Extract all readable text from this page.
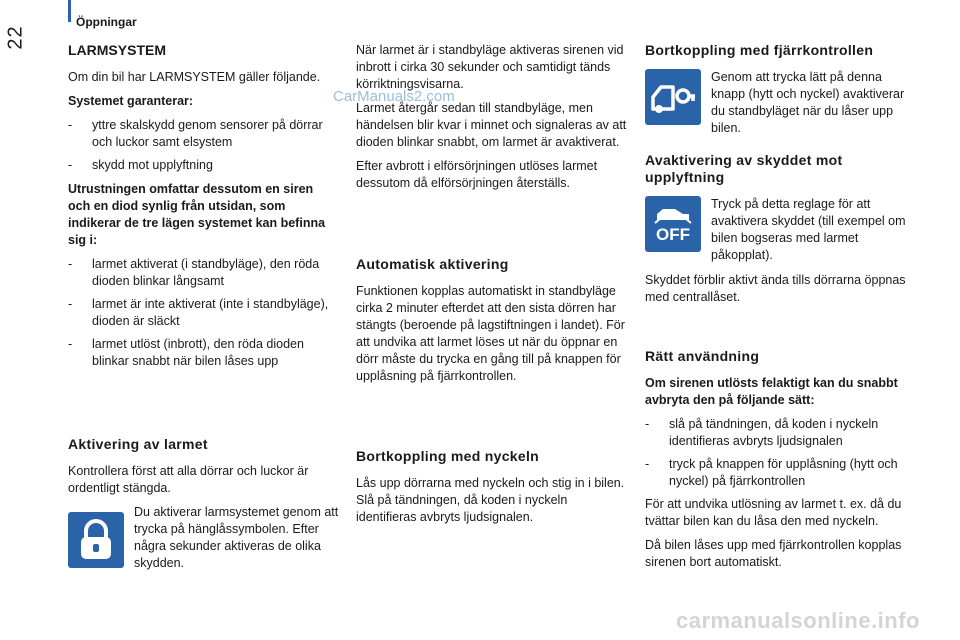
22
Öppningar
CarManuals2.com
LARMSYSTEM

Om din bil har LARMSYSTEM gäller följande.

Systemet garanterar:

- yttre skalskydd genom sensorer på dörrar och luckor samt elsystem
- skydd mot upplyftning

Utrustningen omfattar dessutom en siren och en diod synlig från utsidan, som indikerar de tre lägen systemet kan befinna sig i:

- larmet aktiverat (i standbyläge), den röda dioden blinkar långsamt
- larmet är inte aktiverat (inte i standbyläge), dioden är släckt
- larmet utlöst (inbrott), den röda dioden blinkar snabbt när bilen låses upp
Aktivering av larmet

Kontrollera först att alla dörrar och luckor är ordentligt stängda.

Du aktiverar larmsystemet genom att trycka på hänglåssymbolen. Efter några sekunder aktiveras de olika skydden.

När larmet är i standbyläge aktiveras sirenen vid inbrott i cirka 30 sekunder och samtidigt tänds körriktningsvisarna.

Larmet återgår sedan till standbyläge, men händelsen blir kvar i minnet och signaleras av att dioden blinkar snabbt, om larmet är avaktiverat.

Efter avbrott i elförsörjningen utlöses larmet dessutom då elförsörjningen återställs.

Automatisk aktivering

Funktionen kopplas automatiskt in standbyläge cirka 2 minuter efterdet att den sista dörren har stängts (beroende på lagstiftningen i landet). För att undvika att larmet löses ut när du öppnar en dörr måste du trycka en gång till på knappen för upplåsning på fjärrkontrollen.

Bortkoppling med nyckeln

Lås upp dörrarna med nyckeln och stig in i bilen. Slå på tändningen, då koden i nyckeln identifieras avbryts ljudsignalen.

Bortkoppling med fjärrkontrollen

Genom att trycka lätt på denna knapp (hytt och nyckel) avaktiverar du standbyläget när du låser upp bilen.

Avaktivering av skyddet mot upplyftning
OFF

Tryck på detta reglage för att avaktivera skyddet (till exempel om bilen bogseras med larmet påkopplat).

Skyddet förblir aktivt ända tills dörrarna öppnas med centrallåset.

Rätt användning

Om sirenen utlösts felaktigt kan du snabbt avbryta den på följande sätt:

- slå på tändningen, då koden i nyckeln identifieras avbryts ljudsignalen
- tryck på knappen för upplåsning (hytt och nyckel) på fjärrkontrollen

För att undvika utlösning av larmet t. ex. då du tvättar bilen kan du låsa den med nyckeln.

Då bilen låses upp med fjärrkontrollen kopplas sirenen bort automatiskt.

carmanualsonline.info
